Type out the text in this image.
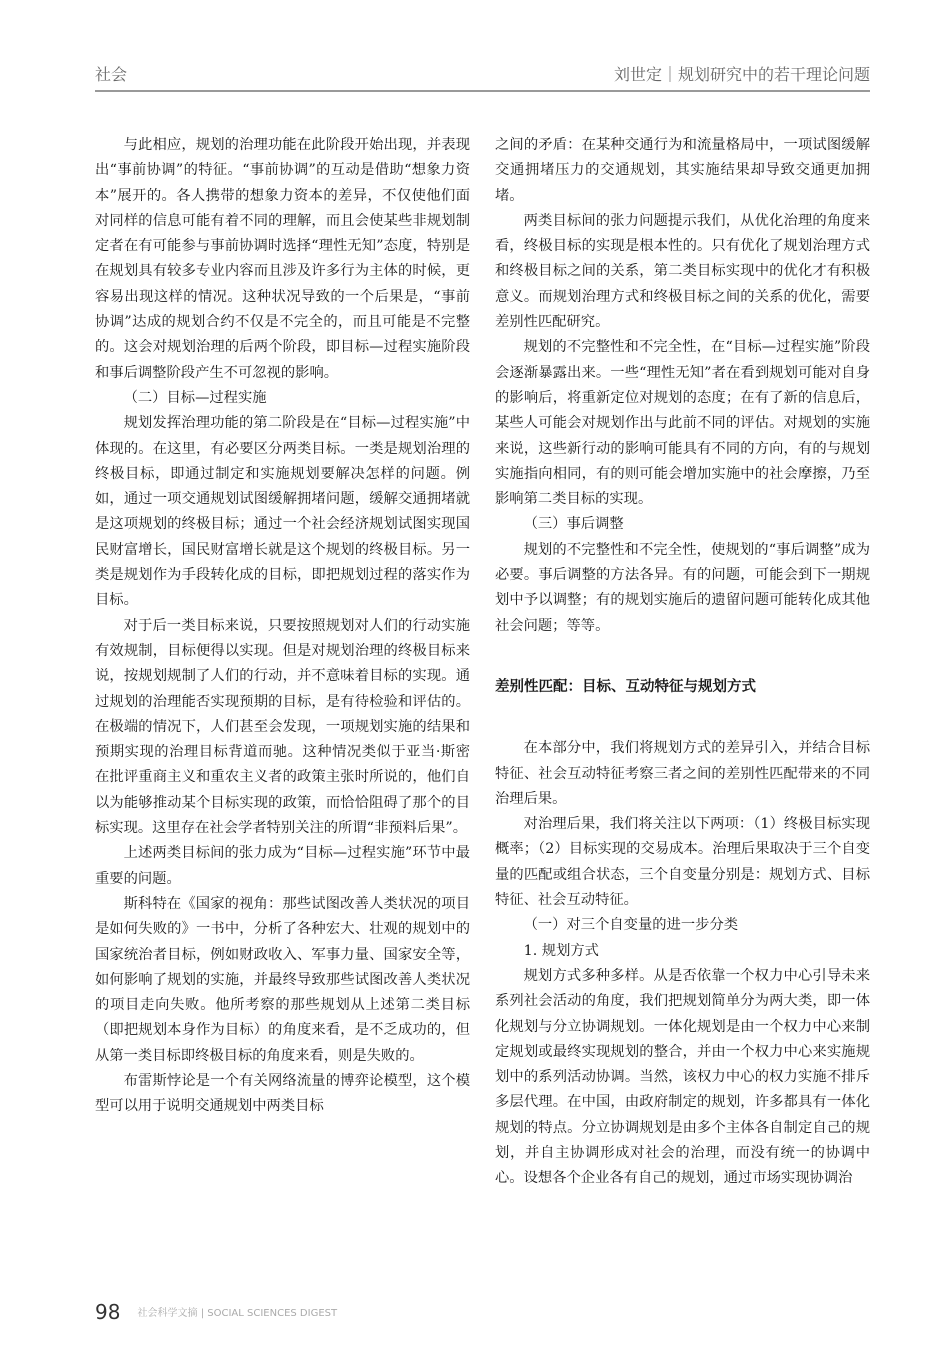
社会	刘世定｜规划研究中的若干理论问题

与此相应，规划的治理功能在此阶段开始出现，并表现出“事前协调”的特征。“事前协调”的互动是借助“想象力资本”展开的。各人携带的想象力资本的差异，不仅使他们面对同样的信息可能有着不同的理解，而且会使某些非规划制定者在有可能参与事前协调时选择“理性无知”态度，特别是在规划具有较多专业内容而且涉及许多行为主体的时候，更容易出现这样的情况。这种状况导致的一个后果是，“事前协调”达成的规划合约不仅是不完全的，而且可能是不完整的。这会对规划治理的后两个阶段，即目标—过程实施阶段和事后调整阶段产生不可忽视的影响。

（二）目标—过程实施

规划发挥治理功能的第二阶段是在“目标—过程实施”中体现的。在这里，有必要区分两类目标。一类是规划治理的终极目标，即通过制定和实施规划要解决怎样的问题。例如，通过一项交通规划试图缓解拥堵问题，缓解交通拥堵就是这项规划的终极目标；通过一个社会经济规划试图实现国民财富增长，国民财富增长就是这个规划的终极目标。另一类是规划作为手段转化成的目标，即把规划过程的落实作为目标。

对于后一类目标来说，只要按照规划对人们的行动实施有效规制，目标便得以实现。但是对规划治理的终极目标来说，按规划规制了人们的行动，并不意味着目标的实现。通过规划的治理能否实现预期的目标，是有待检验和评估的。在极端的情况下，人们甚至会发现，一项规划实施的结果和预期实现的治理目标背道而驰。这种情况类似于亚当·斯密在批评重商主义和重农主义者的政策主张时所说的，他们自以为能够推动某个目标实现的政策，而恰恰阻碍了那个的目标实现。这里存在社会学者特别关注的所谓“非预料后果”。

上述两类目标间的张力成为“目标—过程实施”环节中最重要的问题。

斯科特在《国家的视角：那些试图改善人类状况的项目是如何失败的》一书中，分析了各种宏大、壮观的规划中的国家统治者目标，例如财政收入、军事力量、国家安全等，如何影响了规划的实施，并最终导致那些试图改善人类状况的项目走向失败。他所考察的那些规划从上述第二类目标（即把规划本身作为目标）的角度来看，是不乏成功的，但从第一类目标即终极目标的角度来看，则是失败的。

布雷斯悖论是一个有关网络流量的博弈论模型，这个模型可以用于说明交通规划中两类目标

之间的矛盾：在某种交通行为和流量格局中，一项试图缓解交通拥堵压力的交通规划，其实施结果却导致交通更加拥堵。

两类目标间的张力问题提示我们，从优化治理的角度来看，终极目标的实现是根本性的。只有优化了规划治理方式和终极目标之间的关系，第二类目标实现中的优化才有积极意义。而规划治理方式和终极目标之间的关系的优化，需要差别性匹配研究。

规划的不完整性和不完全性，在“目标—过程实施”阶段会逐渐暴露出来。一些“理性无知”者在看到规划可能对自身的影响后，将重新定位对规划的态度；在有了新的信息后，某些人可能会对规划作出与此前不同的评估。对规划的实施来说，这些新行动的影响可能具有不同的方向，有的与规划实施指向相同，有的则可能会增加实施中的社会摩擦，乃至影响第二类目标的实现。

（三）事后调整

规划的不完整性和不完全性，使规划的“事后调整”成为必要。事后调整的方法各异。有的问题，可能会到下一期规划中予以调整；有的规划实施后的遗留问题可能转化成其他社会问题；等等。

差别性匹配：目标、互动特征与规划方式

在本部分中，我们将规划方式的差异引入，并结合目标特征、社会互动特征考察三者之间的差别性匹配带来的不同治理后果。

对治理后果，我们将关注以下两项：（1）终极目标实现概率；（2）目标实现的交易成本。治理后果取决于三个自变量的匹配或组合状态，三个自变量分别是：规划方式、目标特征、社会互动特征。

（一）对三个自变量的进一步分类
1. 规划方式

规划方式多种多样。从是否依靠一个权力中心引导未来系列社会活动的角度，我们把规划简单分为两大类，即一体化规划与分立协调规划。一体化规划是由一个权力中心来制定规划或最终实现规划的整合，并由一个权力中心来实施规划中的系列活动协调。当然，该权力中心的权力实施不排斥多层代理。在中国，由政府制定的规划，许多都具有一体化规划的特点。分立协调规划是由多个主体各自制定自己的规划，并自主协调形成对社会的治理，而没有统一的协调中心。设想各个企业各有自己的规划，通过市场实现协调治

98 社会科学文摘 | SOCIAL SCIENCES DIGEST
